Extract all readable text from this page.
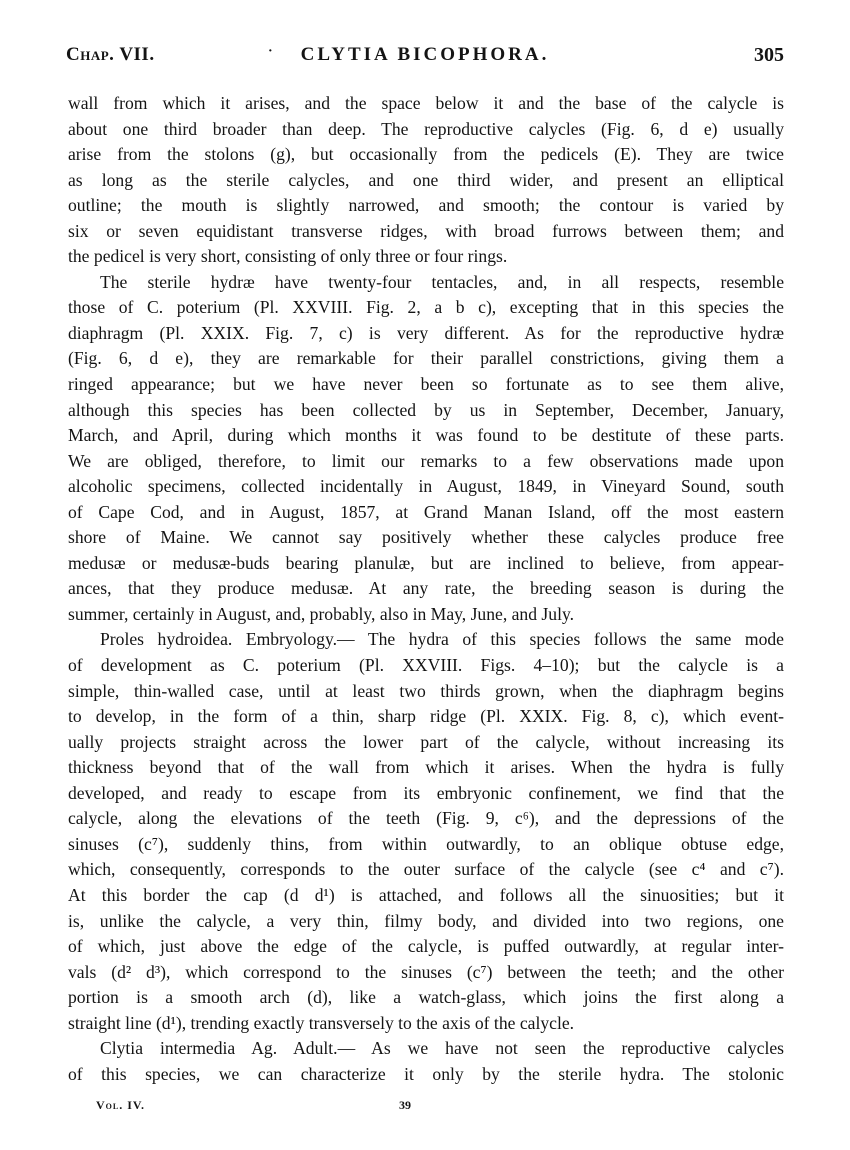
Chap. VII.	·	CLYTIA BICOPHORA.	305
wall from which it arises, and the space below it and the base of the calycle is
about one third broader than deep. The reproductive calycles (Fig. 6, d e) usually
arise from the stolons (g), but occasionally from the pedicels (E). They are twice
as long as the sterile calycles, and one third wider, and present an elliptical
outline; the mouth is slightly narrowed, and smooth; the contour is varied by
six or seven equidistant transverse ridges, with broad furrows between them; and
the pedicel is very short, consisting of only three or four rings.
The sterile hydræ have twenty-four tentacles, and, in all respects, resemble
those of C. poterium (Pl. XXVIII. Fig. 2, a b c), excepting that in this species the
diaphragm (Pl. XXIX. Fig. 7, c) is very different. As for the reproductive hydræ
(Fig. 6, d e), they are remarkable for their parallel constrictions, giving them a
ringed appearance; but we have never been so fortunate as to see them alive,
although this species has been collected by us in September, December, January,
March, and April, during which months it was found to be destitute of these parts.
We are obliged, therefore, to limit our remarks to a few observations made upon
alcoholic specimens, collected incidentally in August, 1849, in Vineyard Sound, south
of Cape Cod, and in August, 1857, at Grand Manan Island, off the most eastern
shore of Maine. We cannot say positively whether these calycles produce free
medusæ or medusæ-buds bearing planulæ, but are inclined to believe, from appear-
ances, that they produce medusæ. At any rate, the breeding season is during the
summer, certainly in August, and, probably, also in May, June, and July.
Proles hydroidea. Embryology.— The hydra of this species follows the same mode
of development as C. poterium (Pl. XXVIII. Figs. 4–10); but the calycle is a
simple, thin-walled case, until at least two thirds grown, when the diaphragm begins
to develop, in the form of a thin, sharp ridge (Pl. XXIX. Fig. 8, c), which event-
ually projects straight across the lower part of the calycle, without increasing its
thickness beyond that of the wall from which it arises. When the hydra is fully
developed, and ready to escape from its embryonic confinement, we find that the
calycle, along the elevations of the teeth (Fig. 9, c⁶), and the depressions of the
sinuses (c⁷), suddenly thins, from within outwardly, to an oblique obtuse edge,
which, consequently, corresponds to the outer surface of the calycle (see c⁴ and c⁷).
At this border the cap (d d¹) is attached, and follows all the sinuosities; but it
is, unlike the calycle, a very thin, filmy body, and divided into two regions, one
of which, just above the edge of the calycle, is puffed outwardly, at regular inter-
vals (d² d³), which correspond to the sinuses (c⁷) between the teeth; and the other
portion is a smooth arch (d), like a watch-glass, which joins the first along a
straight line (d¹), trending exactly transversely to the axis of the calycle.
Clytia intermedia Ag. Adult.— As we have not seen the reproductive calycles
of this species, we can characterize it only by the sterile hydra. The stolonic
Vol. IV.	39
